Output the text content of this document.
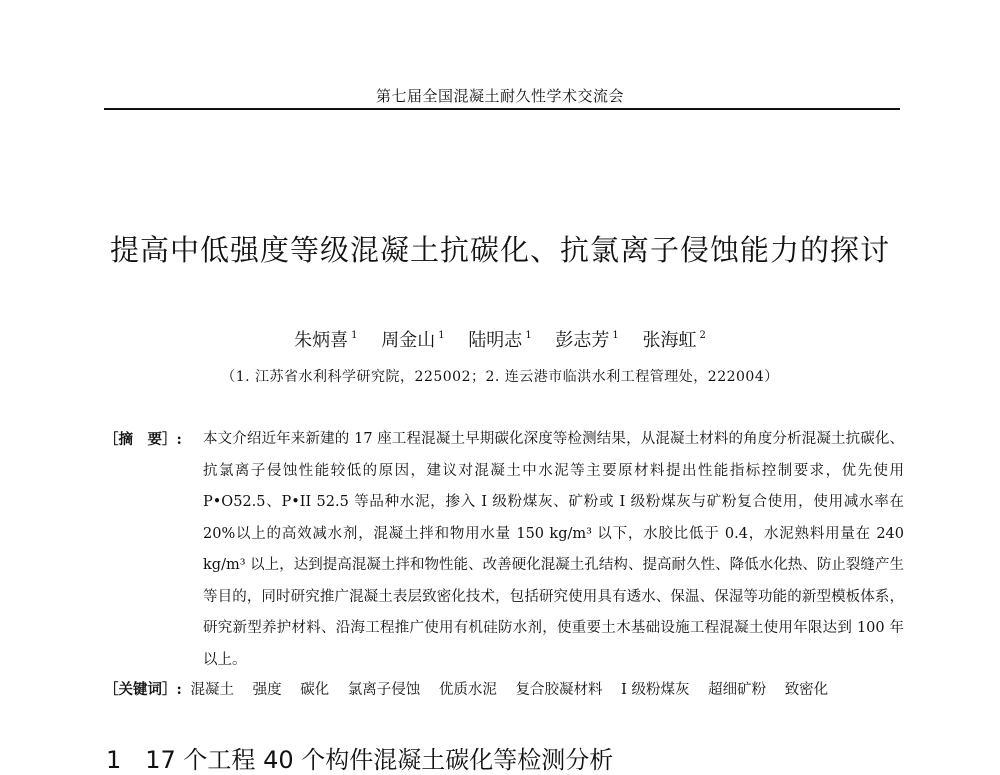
第七届全国混凝土耐久性学术交流会
提高中低强度等级混凝土抗碳化、抗氯离子侵蚀能力的探讨
朱炳喜 $^1$ 周金山 $^1$ 陆明志 $^1$ 彭志芳 $^1$ 张海虹 $^2$
（1. 江苏省水利科学研究院，225002；2. 连云港市临洪水利工程管理处，222004）
［摘　要］:	本文介绍近年来新建的 17 座工程混凝土早期碳化深度等检测结果，从混凝土材料的角度分析混凝土抗碳化、抗氯离子侵蚀性能较低的原因，建议对混凝土中水泥等主要原材料提出性能指标控制要求，优先使用 P•O52.5、P•II 52.5 等品种水泥，掺入 I 级粉煤灰、矿粉或 I 级粉煤灰与矿粉复合使用，使用减水率在 20%以上的高效减水剂，混凝土拌和物用水量 150 kg/m³ 以下，水胶比低于 0.4，水泥熟料用量在 240 kg/m³ 以上，达到提高混凝土拌和物性能、改善硬化混凝土孔结构、提高耐久性、降低水化热、防止裂缝产生等目的，同时研究推广混凝土表层致密化技术，包括研究使用具有透水、保温、保湿等功能的新型模板体系，研究新型养护材料、沿海工程推广使用有机硅防水剂，使重要土木基础设施工程混凝土使用年限达到 100 年以上。
［关键词］: 混凝土 强度 碳化 氯离子侵蚀 优质水泥 复合胶凝材料 I 级粉煤灰 超细矿粉 致密化
1　17 个工程 40 个构件混凝土碳化等检测分析
